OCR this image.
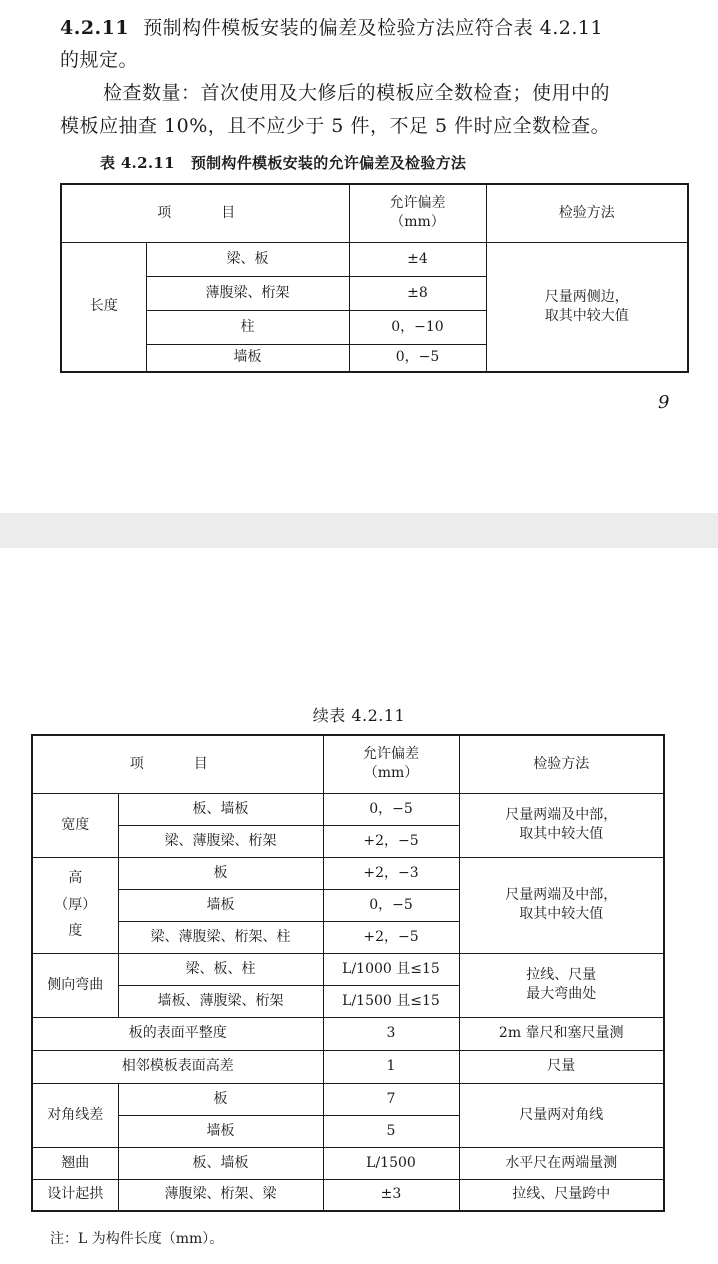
4.2.11 预制构件模板安装的偏差及检验方法应符合表 4.2.11

的规定。

检查数量：首次使用及大修后的模板应全数检查；使用中的

模板应抽查 10%，且不应少于 5 件，不足 5 件时应全数检查。

表 4.2.11 预制构件模板安装的允许偏差及检验方法
项　目		允许偏差
（mm）	检验方法
长度	梁、板	±4	尺量两侧边，
取其中较大值
	薄腹梁、桁架	±8	
	柱	0，−10	
	墙板	0，−5	
9
续表 4.2.11
项　目		允许偏差
（mm）	检验方法
宽度	板、墙板	0，−5	尺量两端及中部，
取其中较大值
	梁、薄腹梁、桁架	+2，−5	
高
（厚）
度	板	+2，−3	尺量两端及中部，
取其中较大值
	墙板	0，−5	
	梁、薄腹梁、桁架、柱	+2，−5	
侧向弯曲	梁、板、柱	L/1000 且≤15	拉线、尺量
最大弯曲处
	墙板、薄腹梁、桁架	L/1500 且≤15	
板的表面平整度		3	2m 靠尺和塞尺量测
相邻模板表面高差		1	尺量
对角线差	板	7	尺量两对角线
	墙板	5	
翘曲	板、墙板	L/1500	水平尺在两端量测
设计起拱	薄腹梁、桁架、梁	±3	拉线、尺量跨中
注：L 为构件长度（mm）。
